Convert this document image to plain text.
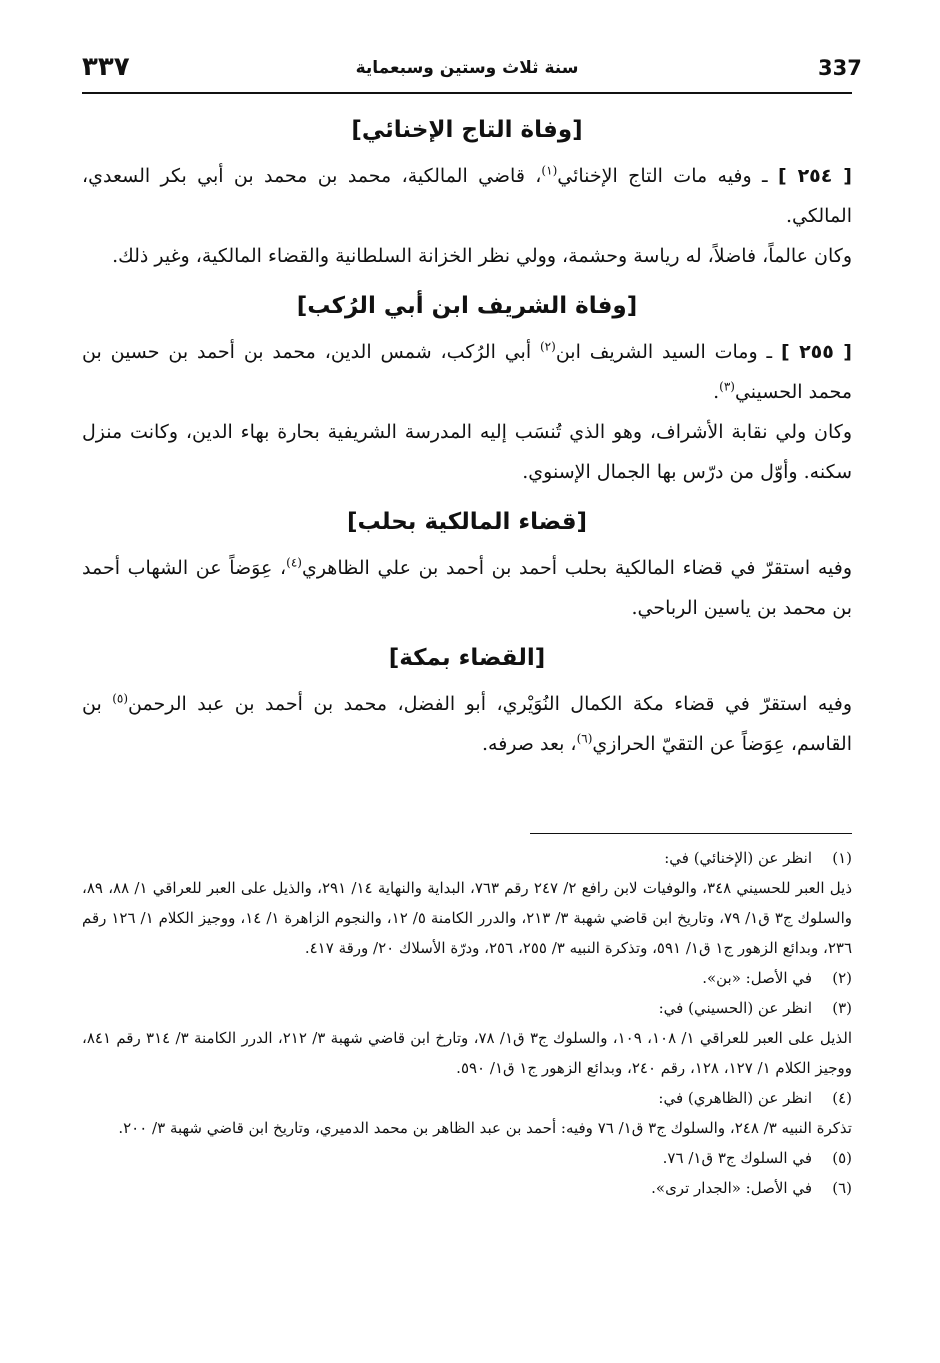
٣٣٧	سنة ثلاث وستين وسبعماية	337
[وفاة التاج الإخنائي]

[ ٢٥٤ ] ـ وفيه مات التاج الإخنائي$^{(١)}$، قاضي المالكية، محمد بن محمد بن أبي بكر السعدي، المالكي.

وكان عالماً، فاضلاً، له رياسة وحشمة، وولي نظر الخزانة السلطانية والقضاء المالكية، وغير ذلك.

[وفاة الشريف ابن أبي الرُكب]

[ ٢٥٥ ] ـ ومات السيد الشريف ابن$^{(٢)}$ أبي الرُكب، شمس الدين، محمد بن أحمد بن حسين بن محمد الحسيني$^{(٣)}$.

وكان ولي نقابة الأشراف، وهو الذي تُنسَب إليه المدرسة الشريفية بحارة بهاء الدين، وكانت منزل سكنه. وأوّل من درّس بها الجمال الإسنوي.

[قضاء المالكية بحلب]

وفيه استقرّ في قضاء المالكية بحلب أحمد بن أحمد بن علي الظاهري$^{(٤)}$، عِوَضاً عن الشهاب أحمد بن محمد بن ياسين الرباحي.

[القضاء بمكة]

وفيه استقرّ في قضاء مكة الكمال النُوَيْري، أبو الفضل، محمد بن أحمد بن عبد الرحمن$^{(٥)}$ بن القاسم، عِوَضاً عن التقيّ الحرازي$^{(٦)}$، بعد صرفه.

(١)
انظر عن (الإخنائي) في:
ذيل العبر للحسيني ٣٤٨، والوفيات لابن رافع ٢/ ٢٤٧ رقم ٧٦٣، البداية والنهاية ١٤/ ٢٩١، والذيل على العبر للعراقي ١/ ٨٨، ٨٩، والسلوك ج٣ ق١/ ٧٩، وتاريخ ابن قاضي شهبة ٣/ ٢١٣، والدرر الكامنة ٥/ ١٢، والنجوم الزاهرة ١/ ١٤، ووجيز الكلام ١/ ١٢٦ رقم ٢٣٦، وبدائع الزهور ج١ ق١/ ٥٩١، وتذكرة النبيه ٣/ ٢٥٥، ٢٥٦، ودرّة الأسلاك ٢٠/ ورقة ٤١٧.
(٢)
في الأصل: «بن».
(٣)
انظر عن (الحسيني) في:
الذيل على العبر للعراقي ١/ ١٠٨، ١٠٩، والسلوك ج٣ ق١/ ٧٨، وتارخ ابن قاضي شهبة ٣/ ٢١٢، الدرر الكامنة ٣/ ٣١٤ رقم ٨٤١، ووجيز الكلام ١/ ١٢٧، ١٢٨، رقم ٢٤٠، وبدائع الزهور ج١ ق١/ ٥٩٠.
(٤)
انظر عن (الظاهري) في:
تذكرة النبيه ٣/ ٢٤٨، والسلوك ج٣ ق١/ ٧٦ وفيه: أحمد بن عبد الظاهر بن محمد الدميري، وتاريخ ابن قاضي شهبة ٣/ ٢٠٠.
(٥)
في السلوك ج٣ ق١/ ٧٦.
(٦)
في الأصل: «الجدار ترى».
